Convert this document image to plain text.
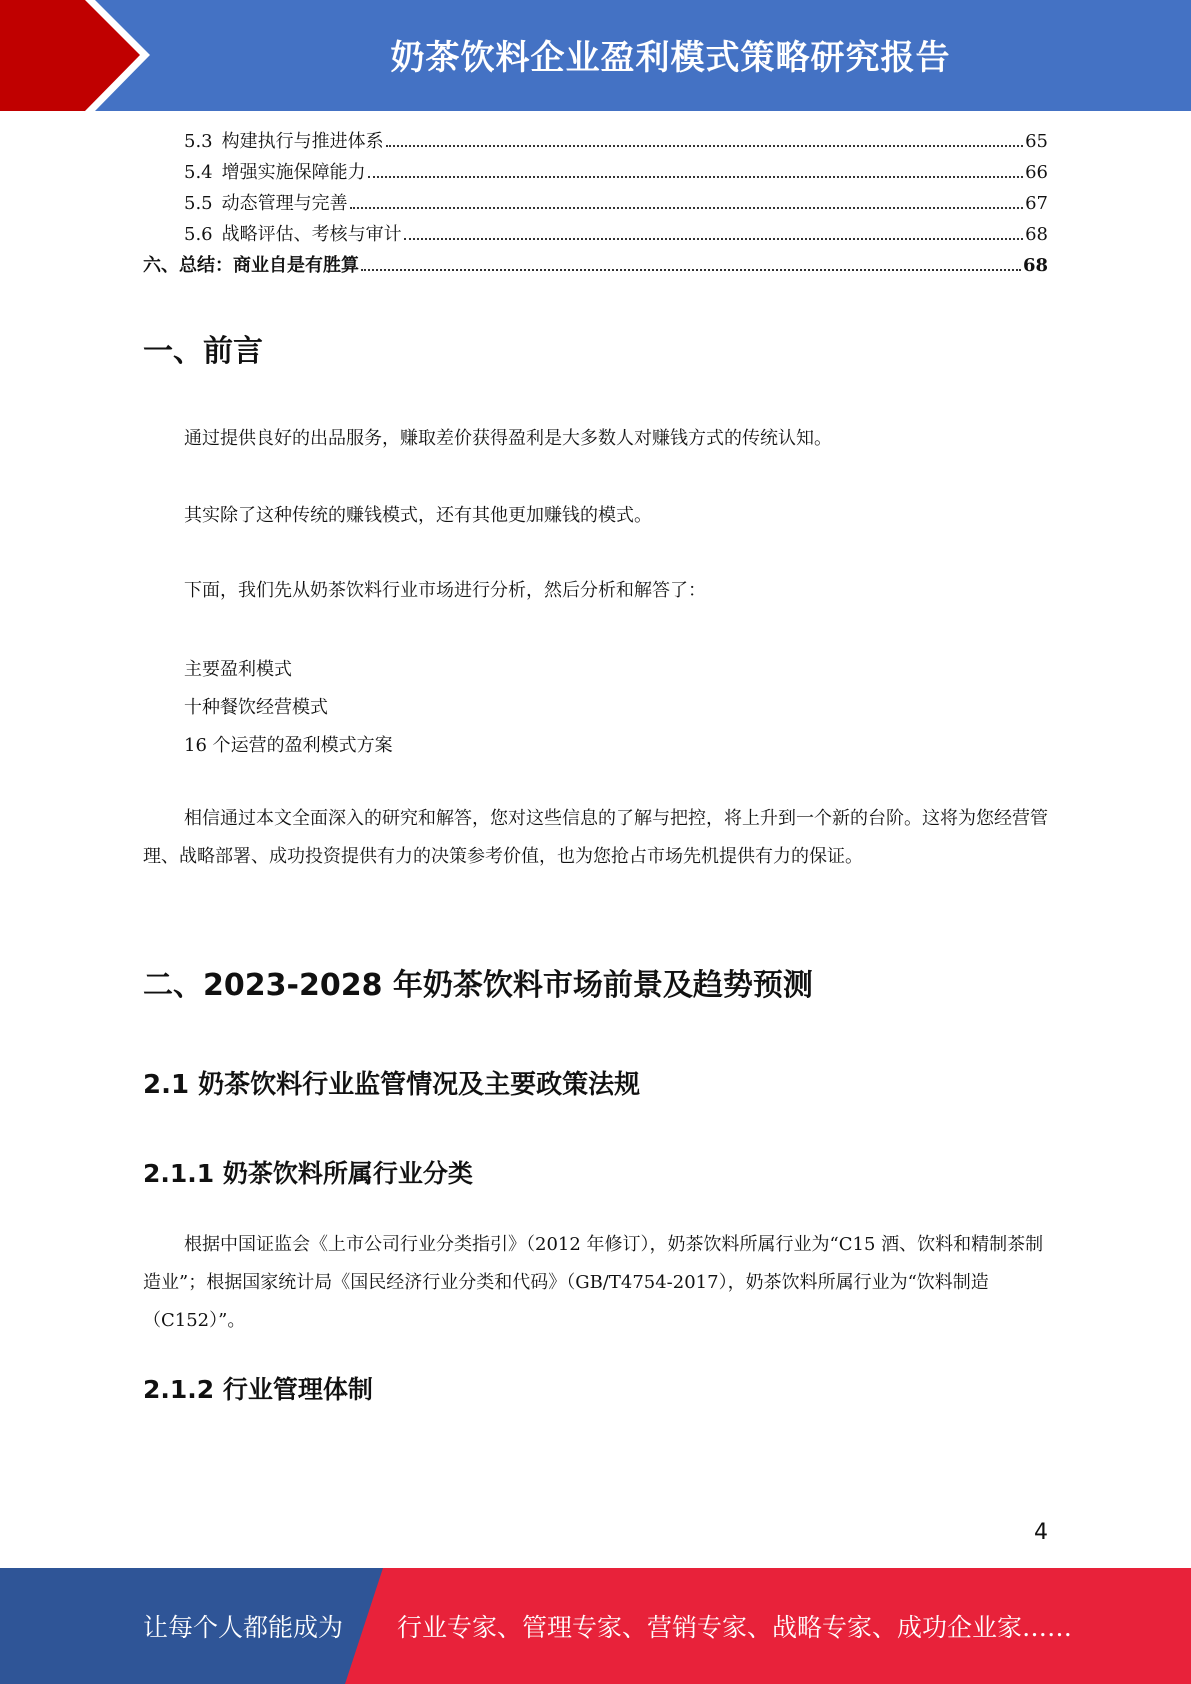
奶茶饮料企业盈利模式策略研究报告
5.3 构建执行与推进体系	65
5.4 增强实施保障能力	66
5.5 动态管理与完善	67
5.6 战略评估、考核与审计	68
六、总结：商业自是有胜算	68
一、前言

通过提供良好的出品服务，赚取差价获得盈利是大多数人对赚钱方式的传统认知。

其实除了这种传统的赚钱模式，还有其他更加赚钱的模式。

下面，我们先从奶茶饮料行业市场进行分析，然后分析和解答了：

主要盈利模式

十种餐饮经营模式

16 个运营的盈利模式方案

相信通过本文全面深入的研究和解答，您对这些信息的了解与把控，将上升到一个新的台阶。这将为您经营管理、战略部署、成功投资提供有力的决策参考价值，也为您抢占市场先机提供有力的保证。

二、2023-2028 年奶茶饮料市场前景及趋势预测
2.1 奶茶饮料行业监管情况及主要政策法规
2.1.1 奶茶饮料所属行业分类

根据中国证监会《上市公司行业分类指引》（2012 年修订），奶茶饮料所属行业为“C15 酒、饮料和精制茶制造业”；根据国家统计局《国民经济行业分类和代码》（GB/T4754-2017），奶茶饮料所属行业为“饮料制造（C152）”。

2.1.2 行业管理体制
4
让每个人都能成为 行业专家、管理专家、营销专家、战略专家、成功企业家……
